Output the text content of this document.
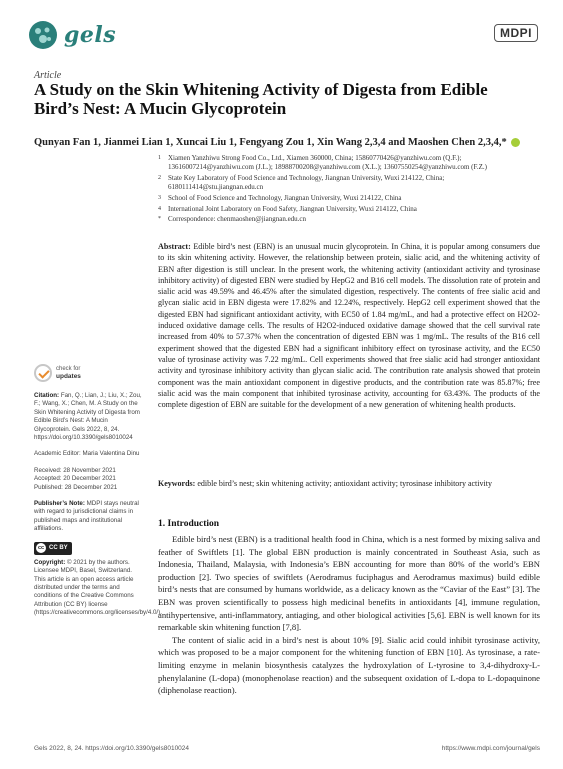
gels	MDPI
Article
A Study on the Skin Whitening Activity of Digesta from Edible Bird’s Nest: A Mucin Glycoprotein
Qunyan Fan 1, Jianmei Lian 1, Xuncai Liu 1, Fengyang Zou 1, Xin Wang 2,3,4 and Maoshen Chen 2,3,4,*
1	Xiamen Yanzhiwu Strong Food Co., Ltd., Xiamen 360000, China; 15860770426@yanzhiwu.com (Q.F.); 13616007214@yanzhiwu.com (J.L.); 18988700208@yanzhiwu.com (X.L.); 13607550254@yanzhiwu.com (F.Z.)
2	State Key Laboratory of Food Science and Technology, Jiangnan University, Wuxi 214122, China; 6180111414@stu.jiangnan.edu.cn
3	School of Food Science and Technology, Jiangnan University, Wuxi 214122, China
4	International Joint Laboratory on Food Safety, Jiangnan University, Wuxi 214122, China
*	Correspondence: chenmaoshen@jiangnan.edu.cn
Abstract: Edible bird’s nest (EBN) is an unusual mucin glycoprotein. In China, it is popular among consumers due to its skin whitening activity. However, the relationship between protein, sialic acid, and the whitening activity of EBN after digestion is still unclear. In the present work, the whitening activity (antioxidant activity and tyrosinase inhibitory activity) of digested EBN were studied by HepG2 and B16 cell models. The dissolution rate of protein and sialic acid was 49.59% and 46.45% after the simulated digestion, respectively. The contents of free sialic acid and glycan sialic acid in EBN digesta were 17.82% and 12.24%, respectively. HepG2 cell experiment showed that the digested EBN had significant antioxidant activity, with EC50 of 1.84 mg/mL, and had a protective effect on H2O2-induced oxidative damage cells. The results of H2O2-induced oxidative damage showed that the cell survival rate increased from 40% to 57.37% when the concentration of digested EBN was 1 mg/mL. The results of the B16 cell experiment showed that the digested EBN had a significant inhibitory effect on tyrosinase activity, and the EC50 value of tyrosinase activity was 7.22 mg/mL. Cell experiments showed that free sialic acid had stronger antioxidant activity and tyrosinase inhibitory activity than glycan sialic acid. The contribution rate analysis showed that protein component was the main antioxidant component in digestive products, and the contribution rate was 85.87%; free sialic acid was the main component that inhibited tyrosinase activity, accounting for 63.43%. The products of the complete digestion of EBN are suitable for the development of a new generation of whitening health products.
Keywords: edible bird’s nest; skin whitening activity; antioxidant activity; tyrosinase inhibitory activity
check for
updates
Citation: Fan, Q.; Lian, J.; Liu, X.; Zou, F.; Wang, X.; Chen, M. A Study on the Skin Whitening Activity of Digesta from Edible Bird’s Nest: A Mucin Glycoprotein. Gels 2022, 8, 24. https://doi.org/10.3390/gels8010024
Academic Editor: Maria Valentina Dinu
Received: 28 November 2021
Accepted: 20 December 2021
Published: 28 December 2021
Publisher’s Note: MDPI stays neutral with regard to jurisdictional claims in published maps and institutional affiliations.
cc CC BY
Copyright: © 2021 by the authors. Licensee MDPI, Basel, Switzerland. This article is an open access article distributed under the terms and conditions of the Creative Commons Attribution (CC BY) license (https://creativecommons.org/licenses/by/4.0/).
1. Introduction

Edible bird’s nest (EBN) is a traditional health food in China, which is a nest formed by mixing saliva and feather of Swiftlets [1]. The global EBN production is mainly concentrated in Southeast Asia, such as Indonesia, Thailand, Malaysia, with Indonesia’s EBN accounting for more than 80% of the world’s EBN production [2]. Two species of swiftlets (Aerodramus fuciphagus and Aerodramus maximus) build edible bird’s nests that are consumed by humans worldwide, as a delicacy known as the “Caviar of the East” [3]. The EBN was proven scientifically to possess high medicinal benefits in antioxidants [4], immune regulation, antihypertensive, anti-inflammatory, antiaging, and other biological activities [5,6]. EBN is well known for its remarkable skin whitening function [7,8].

The content of sialic acid in a bird’s nest is about 10% [9]. Sialic acid could inhibit tyrosinase activity, which was proposed to be a major component for the whitening function of EBN [10]. As tyrosinase, a rate-limiting enzyme in melanin biosynthesis catalyzes the hydroxylation of L-tyrosine to 3,4-dihydroxy-L-phenylalanine (L-dopa) (monophenolase reaction) and the subsequent oxidation of L-dopa to L-dopaquinone (diphenolase reaction).

Gels 2022, 8, 24. https://doi.org/10.3390/gels8010024	https://www.mdpi.com/journal/gels
